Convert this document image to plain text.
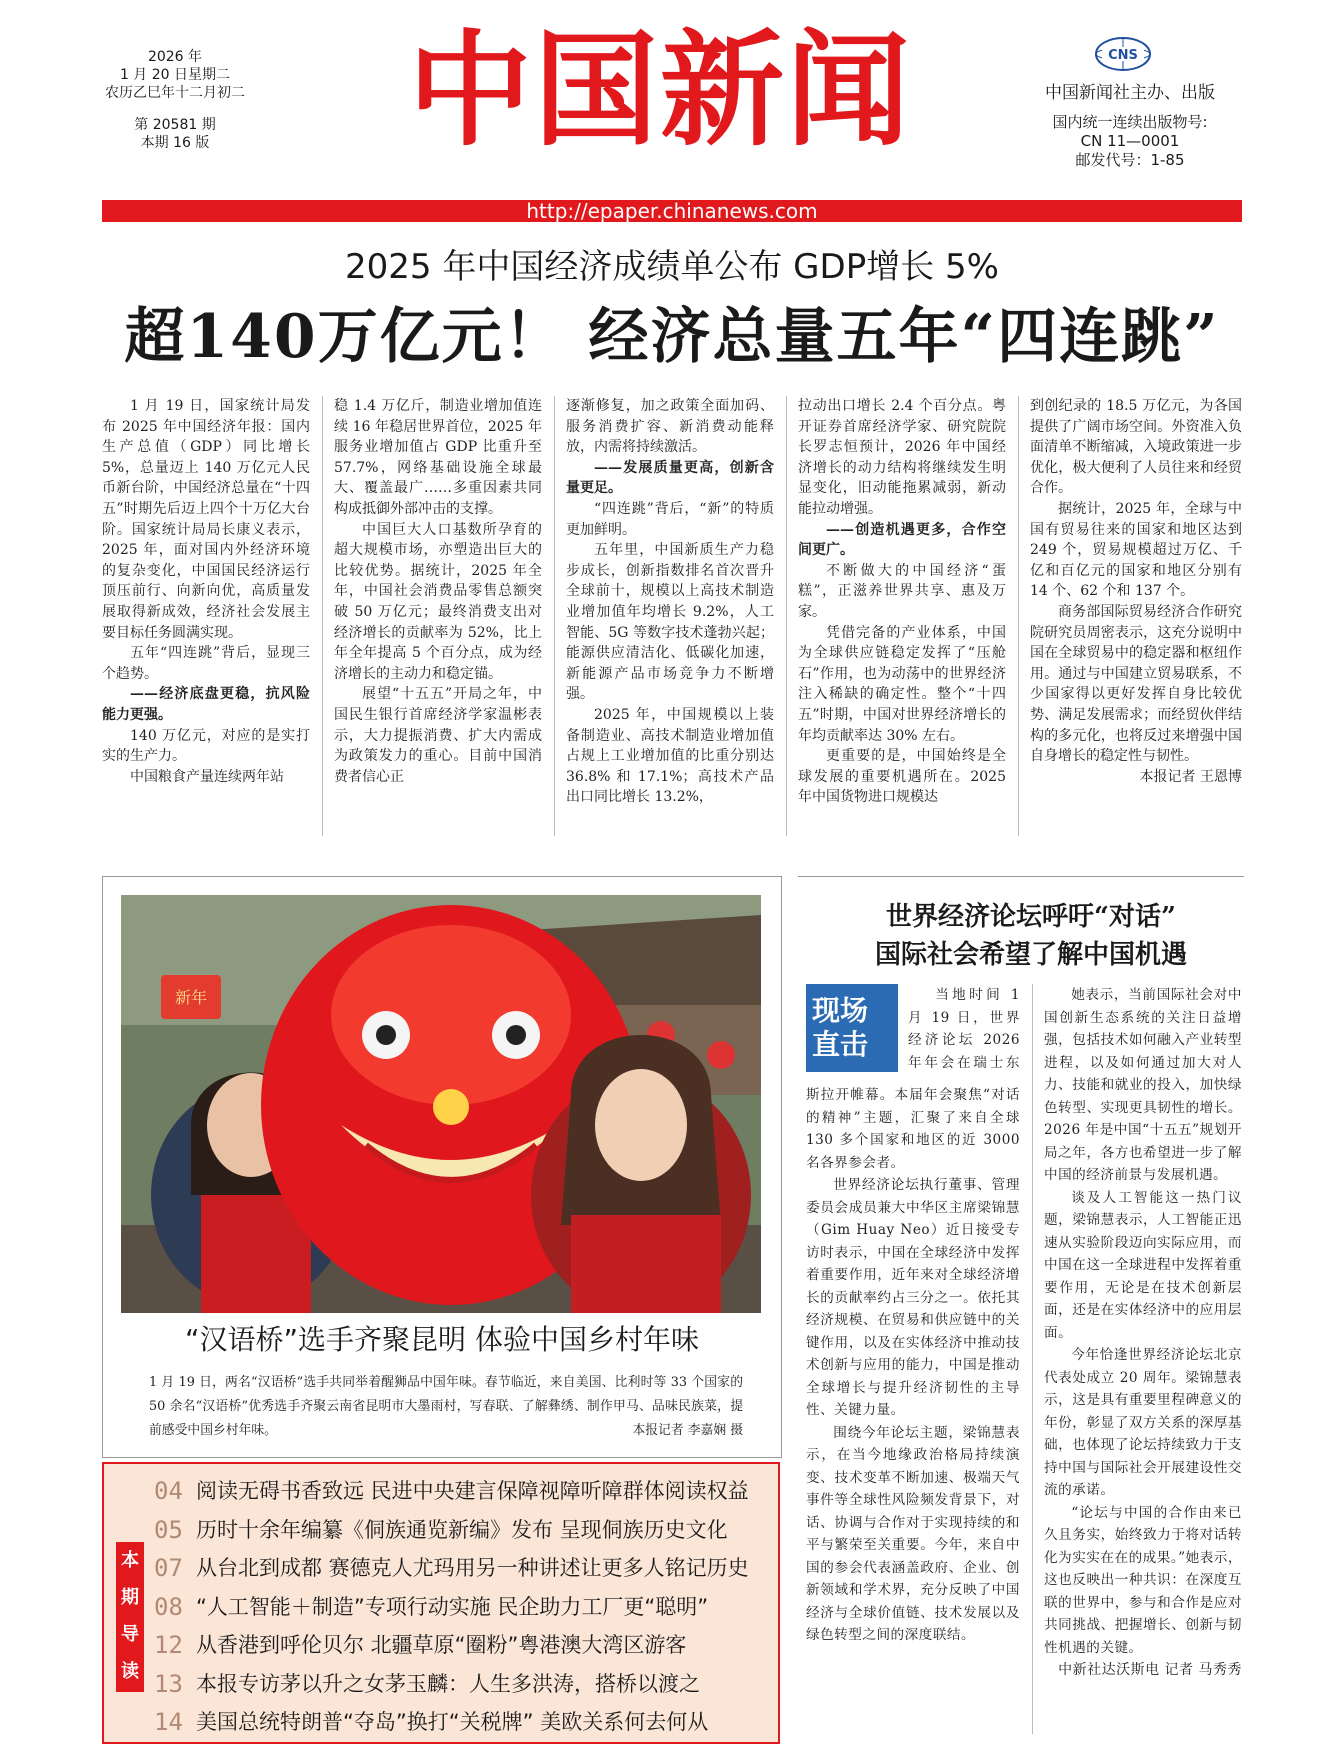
2026 年
1 月 20 日星期二
农历乙巳年十二月初二
第 20581 期
本期 16 版	中国新闻	CNS
中国新闻社主办、出版
国内统一连续出版物号:
CN 11—0001
邮发代号：1-85
http://epaper.chinanews.com
2025 年中国经济成绩单公布 GDP增长 5%
超140万亿元！ 经济总量五年“四连跳”

1 月 19 日，国家统计局发布 2025 年中国经济年报：国内生产总值（GDP）同比增长 5%，总量迈上 140 万亿元人民币新台阶，中国经济总量在“十四五”时期先后迈上四个十万亿大台阶。国家统计局局长康义表示，2025 年，面对国内外经济环境的复杂变化，中国国民经济运行顶压前行、向新向优，高质量发展取得新成效，经济社会发展主要目标任务圆满实现。

五年“四连跳”背后，显现三个趋势。

——经济底盘更稳，抗风险能力更强。

140 万亿元，对应的是实打实的生产力。

中国粮食产量连续两年站

稳 1.4 万亿斤，制造业增加值连续 16 年稳居世界首位，2025 年服务业增加值占 GDP 比重升至 57.7%，网络基础设施全球最大、覆盖最广……多重因素共同构成抵御外部冲击的支撑。

中国巨大人口基数所孕育的超大规模市场，亦塑造出巨大的比较优势。据统计，2025 年全年，中国社会消费品零售总额突破 50 万亿元；最终消费支出对经济增长的贡献率为 52%，比上年全年提高 5 个百分点，成为经济增长的主动力和稳定锚。

展望“十五五”开局之年，中国民生银行首席经济学家温彬表示，大力提振消费、扩大内需成为政策发力的重心。目前中国消费者信心正

逐渐修复，加之政策全面加码、服务消费扩容、新消费动能释放，内需将持续激活。

——发展质量更高，创新含量更足。

“四连跳”背后，“新”的特质更加鲜明。

五年里，中国新质生产力稳步成长，创新指数排名首次晋升全球前十，规模以上高技术制造业增加值年均增长 9.2%，人工智能、5G 等数字技术蓬勃兴起；能源供应清洁化、低碳化加速，新能源产品市场竞争力不断增强。

2025 年，中国规模以上装备制造业、高技术制造业增加值占规上工业增加值的比重分别达 36.8% 和 17.1%；高技术产品出口同比增长 13.2%，

拉动出口增长 2.4 个百分点。粤开证券首席经济学家、研究院院长罗志恒预计，2026 年中国经济增长的动力结构将继续发生明显变化，旧动能拖累减弱，新动能拉动增强。

——创造机遇更多，合作空间更广。

不断做大的中国经济“蛋糕”，正滋养世界共享、惠及万家。

凭借完备的产业体系，中国为全球供应链稳定发挥了“压舱石”作用，也为动荡中的世界经济注入稀缺的确定性。整个“十四五”时期，中国对世界经济增长的年均贡献率达 30% 左右。

更重要的是，中国始终是全球发展的重要机遇所在。2025 年中国货物进口规模达

到创纪录的 18.5 万亿元，为各国提供了广阔市场空间。外资准入负面清单不断缩减，入境政策进一步优化，极大便利了人员往来和经贸合作。

据统计，2025 年，全球与中国有贸易往来的国家和地区达到 249 个，贸易规模超过万亿、千亿和百亿元的国家和地区分别有 14 个、62 个和 137 个。

商务部国际贸易经济合作研究院研究员周密表示，这充分说明中国在全球贸易中的稳定器和枢纽作用。通过与中国建立贸易联系，不少国家得以更好发挥自身比较优势、满足发展需求；而经贸伙伴结构的多元化，也将反过来增强中国自身增长的稳定性与韧性。

本报记者 王恩博

新年
“汉语桥”选手齐聚昆明 体验中国乡村年味
1 月 19 日，两名“汉语桥”选手共同举着醒狮品中国年味。春节临近，来自美国、比利时等 33 个国家的 50 余名“汉语桥”优秀选手齐聚云南省昆明市大墨雨村，写春联、了解彝绣、制作甲马、品味民族菜，提前感受中国乡村年味。	本报记者 李嘉娴 摄
世界经济论坛呼吁“对话”
国际社会希望了解中国机遇
现场
直击

当地时间 1 月 19 日，世界经济论坛 2026 年年会在瑞士东

斯拉开帷幕。本届年会聚焦“对话的精神”主题，汇聚了来自全球 130 多个国家和地区的近 3000 名各界参会者。

世界经济论坛执行董事、管理委员会成员兼大中华区主席梁锦慧（Gim Huay Neo）近日接受专访时表示，中国在全球经济中发挥着重要作用，近年来对全球经济增长的贡献率约占三分之一。依托其经济规模、在贸易和供应链中的关键作用，以及在实体经济中推动技术创新与应用的能力，中国是推动全球增长与提升经济韧性的主导性、关键力量。

围绕今年论坛主题，梁锦慧表示，在当今地缘政治格局持续演变、技术变革不断加速、极端天气事件等全球性风险频发背景下，对话、协调与合作对于实现持续的和平与繁荣至关重要。今年，来自中国的参会代表涵盖政府、企业、创新领域和学术界，充分反映了中国经济与全球价值链、技术发展以及绿色转型之间的深度联结。

她表示，当前国际社会对中国创新生态系统的关注日益增强，包括技术如何融入产业转型进程，以及如何通过加大对人力、技能和就业的投入，加快绿色转型、实现更具韧性的增长。2026 年是中国“十五五”规划开局之年，各方也希望进一步了解中国的经济前景与发展机遇。

谈及人工智能这一热门议题，梁锦慧表示，人工智能正迅速从实验阶段迈向实际应用，而中国在这一全球进程中发挥着重要作用，无论是在技术创新层面，还是在实体经济中的应用层面。

今年恰逢世界经济论坛北京代表处成立 20 周年。梁锦慧表示，这是具有重要里程碑意义的年份，彰显了双方关系的深厚基础，也体现了论坛持续致力于支持中国与国际社会开展建设性交流的承诺。

“论坛与中国的合作由来已久且务实，始终致力于将对话转化为实实在在的成果。”她表示，这也反映出一种共识：在深度互联的世界中，参与和合作是应对共同挑战、把握增长、创新与韧性机遇的关键。

中新社达沃斯电 记者 马秀秀

本期导读
04 阅读无碍书香致远 民进中央建言保障视障听障群体阅读权益
05 历时十余年编纂《侗族通览新编》发布 呈现侗族历史文化
07 从台北到成都 赛德克人尤玛用另一种讲述让更多人铭记历史
08 “人工智能＋制造”专项行动实施 民企助力工厂更“聪明”
12 从香港到呼伦贝尔 北疆草原“圈粉”粤港澳大湾区游客
13 本报专访茅以升之女茅玉麟：人生多洪涛，搭桥以渡之
14 美国总统特朗普“夺岛”换打“关税牌” 美欧关系何去何从
